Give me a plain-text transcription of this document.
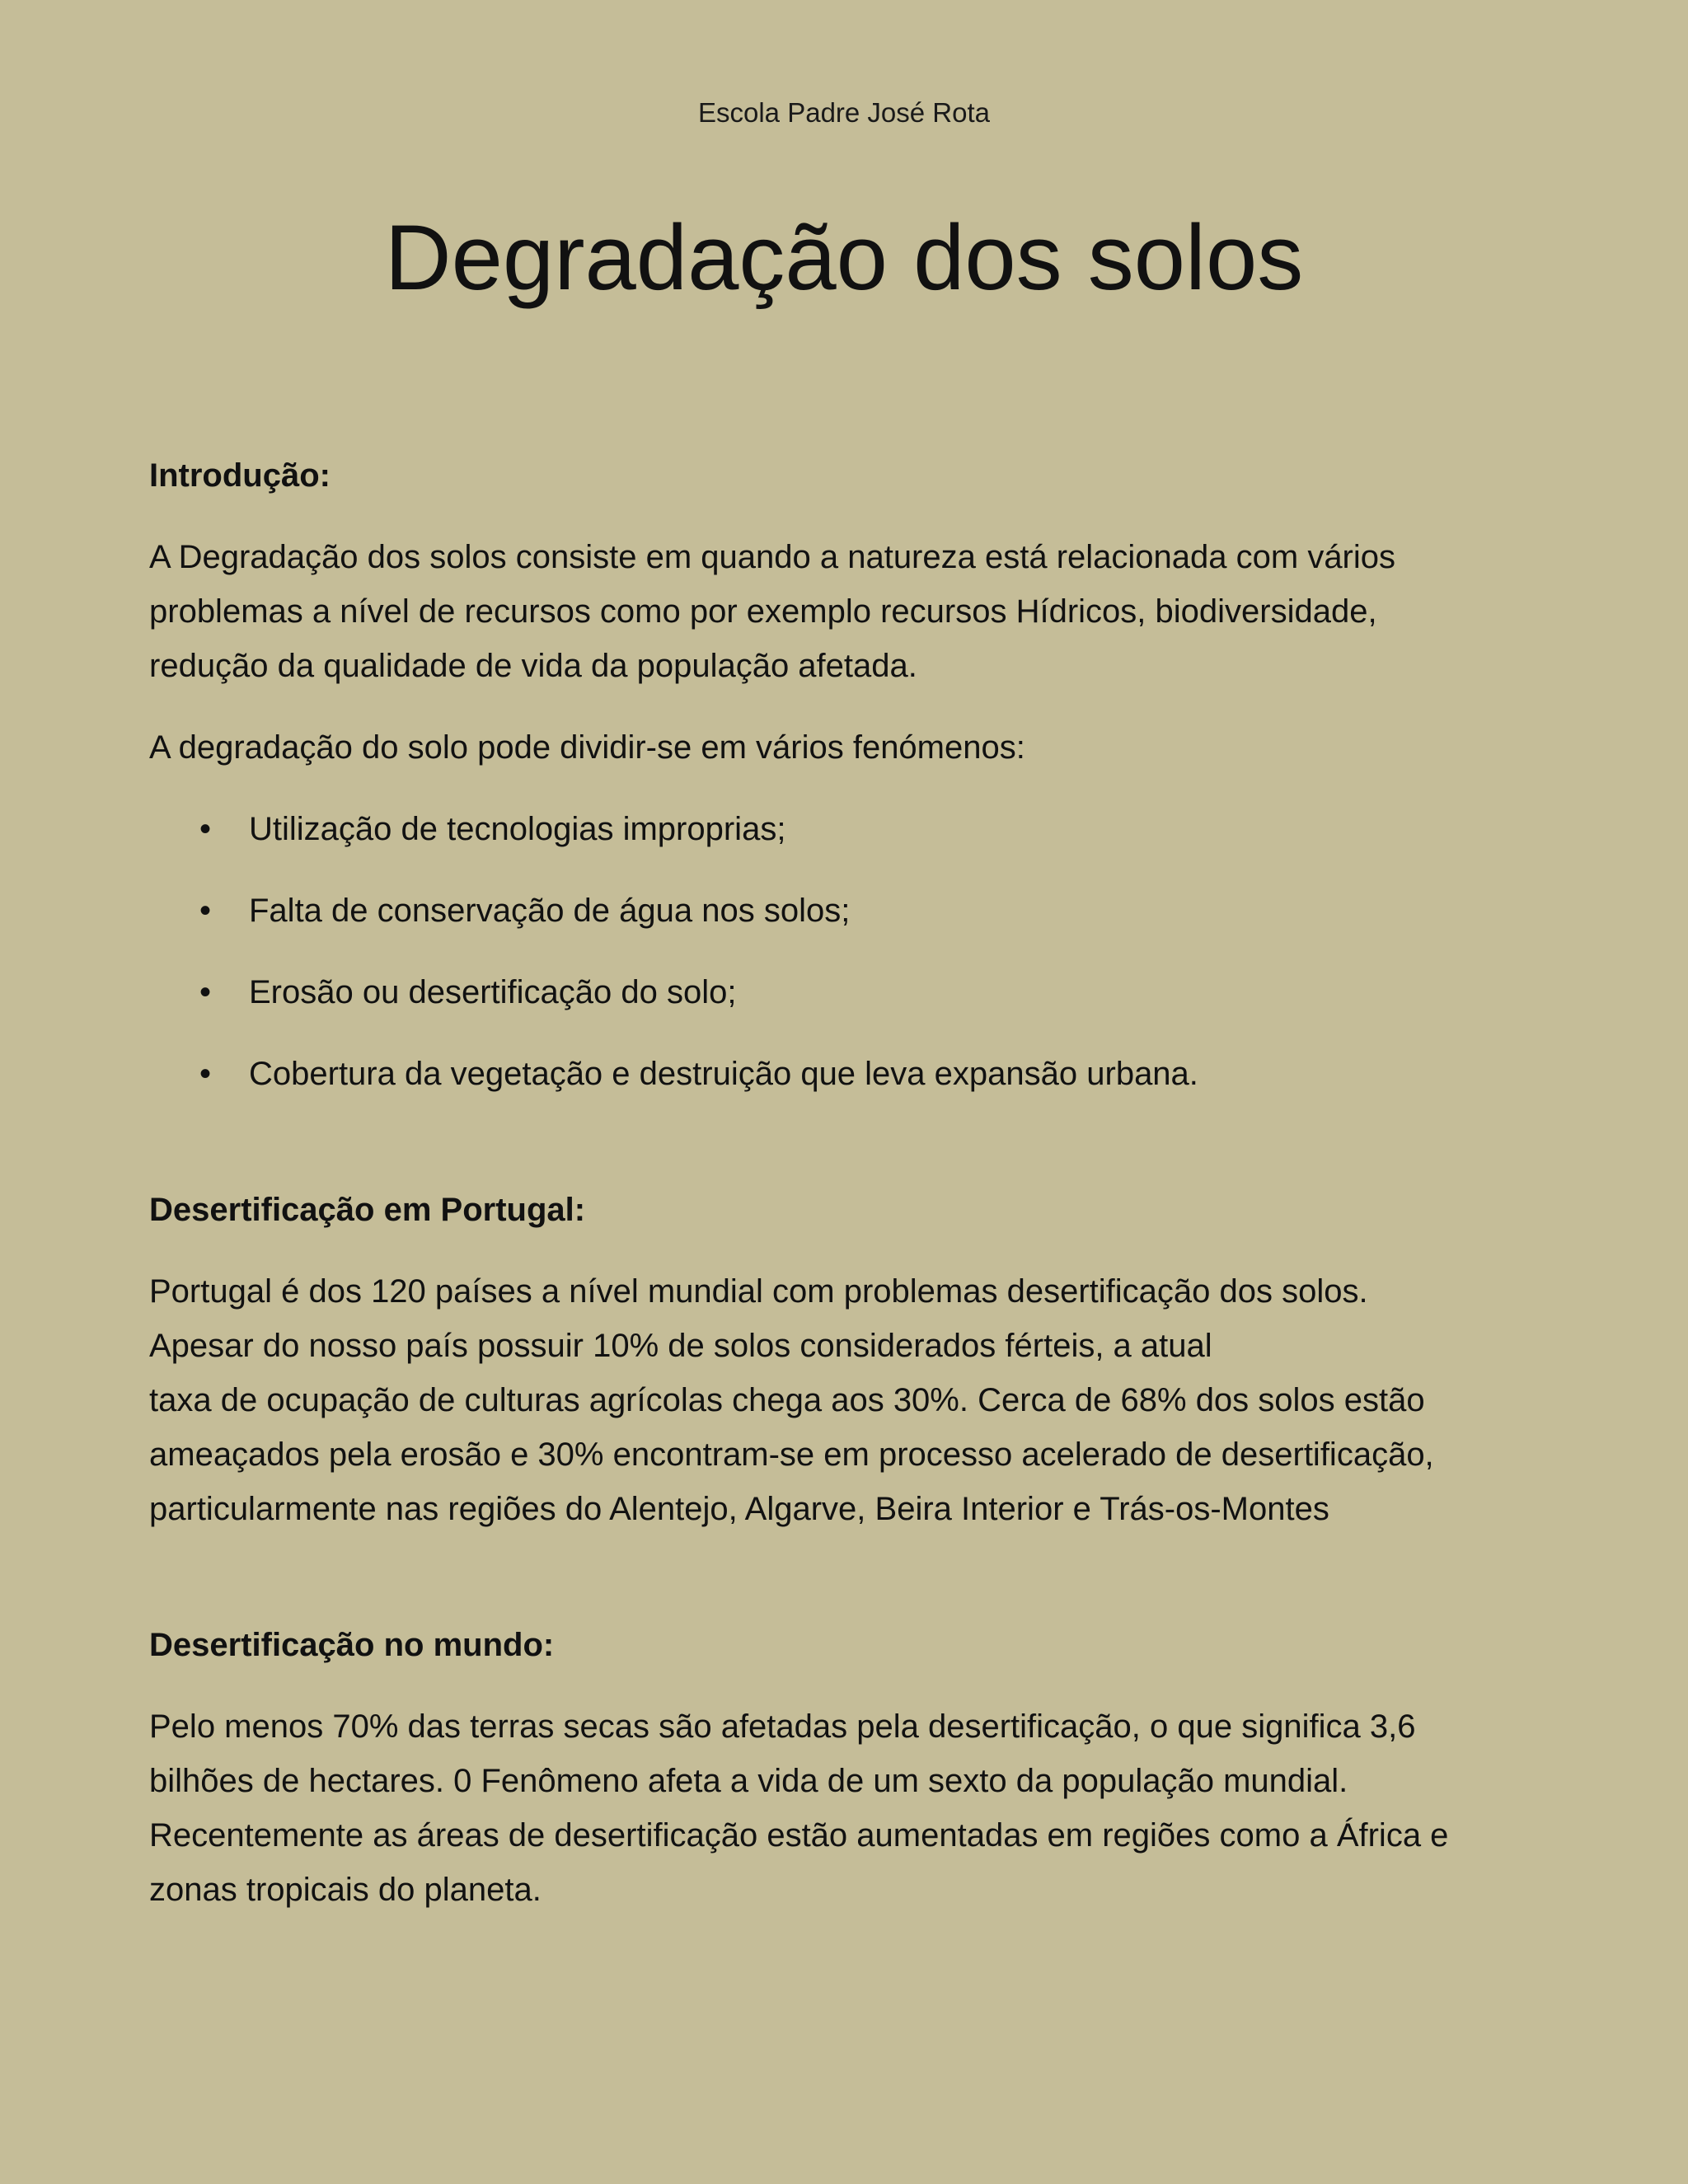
Escola Padre José Rota
Degradação dos solos
Introdução:

A Degradação dos solos consiste em quando a natureza está relacionada com vários
problemas a nível de recursos como por exemplo recursos Hídricos, biodiversidade,
redução da qualidade de vida da população afetada.

A degradação do solo pode dividir-se em vários fenómenos:

• Utilização de tecnologias improprias;
• Falta de conservação de água nos solos;
• Erosão ou desertificação do solo;
• Cobertura da vegetação e destruição que leva expansão urbana.
Desertificação em Portugal:

Portugal é dos 120 países a nível mundial com problemas desertificação dos solos.
Apesar do nosso país possuir 10% de solos considerados férteis, a atual
taxa de ocupação de culturas agrícolas chega aos 30%. Cerca de 68% dos solos estão
ameaçados pela erosão e 30% encontram-se em processo acelerado de desertificação,
particularmente nas regiões do Alentejo, Algarve, Beira Interior e Trás-os-Montes

Desertificação no mundo:

Pelo menos 70% das terras secas são afetadas pela desertificação, o que significa 3,6
bilhões de hectares. 0 Fenômeno afeta a vida de um sexto da população mundial.
Recentemente as áreas de desertificação estão aumentadas em regiões como a África e
zonas tropicais do planeta.
